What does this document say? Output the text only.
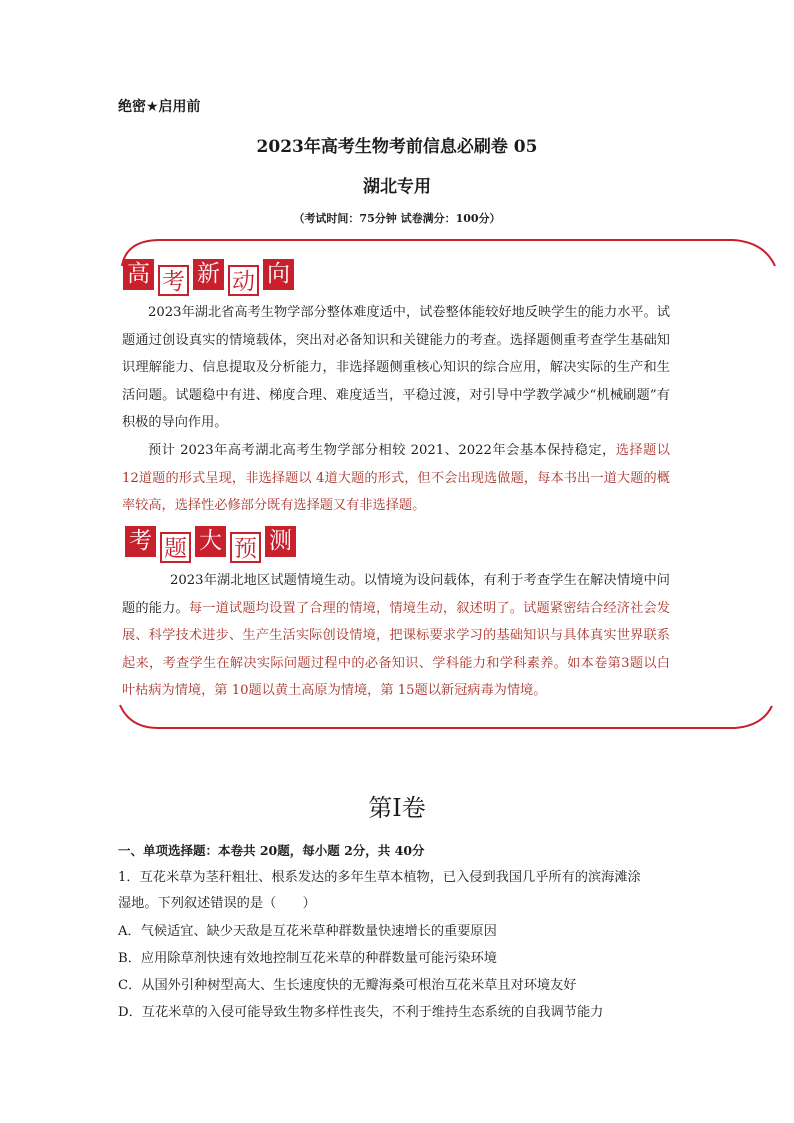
绝密★启用前
2023年高考生物考前信息必刷卷 05
湖北专用
（考试时间：75分钟 试卷满分：100分）
高 考 新 动 向
2023年湖北省高考生物学部分整体难度适中，试卷整体能较好地反映学生的能力水平。试题通过创设真实的情境载体，突出对必备知识和关键能力的考查。选择题侧重考查学生基础知识理解能力、信息提取及分析能力，非选择题侧重核心知识的综合应用，解决实际的生产和生活问题。试题稳中有进、梯度合理、难度适当，平稳过渡，对引导中学教学减少“机械刷题”有积极的导向作用。
预计 2023年高考湖北高考生物学部分相较 2021、2022年会基本保持稳定，选择题以 12道题的形式呈现，非选择题以 4道大题的形式，但不会出现选做题，每本书出一道大题的概率较高，选择性必修部分既有选择题又有非选择题。
考 题 大 预 测
2023年湖北地区试题情境生动。以情境为设问载体，有利于考查学生在解决情境中问题的能力。每一道试题均设置了合理的情境，情境生动，叙述明了。试题紧密结合经济社会发展、科学技术进步、生产生活实际创设情境，把课标要求学习的基础知识与具体真实世界联系起来，考查学生在解决实际问题过程中的必备知识、学科能力和学科素养。如本卷第3题以白叶枯病为情境，第 10题以黄土高原为情境，第 15题以新冠病毒为情境。
第Ⅰ卷
一、单项选择题：本卷共 20题，每小题 2分，共 40分
1．互花米草为茎秆粗壮、根系发达的多年生草本植物，已入侵到我国几乎所有的滨海滩涂
湿地。下列叙述错误的是（　　）
A．气候适宜、缺少天敌是互花米草种群数量快速增长的重要原因
B．应用除草剂快速有效地控制互花米草的种群数量可能污染环境
C．从国外引种树型高大、生长速度快的无瓣海桑可根治互花米草且对环境友好
D．互花米草的入侵可能导致生物多样性丧失，不利于维持生态系统的自我调节能力
